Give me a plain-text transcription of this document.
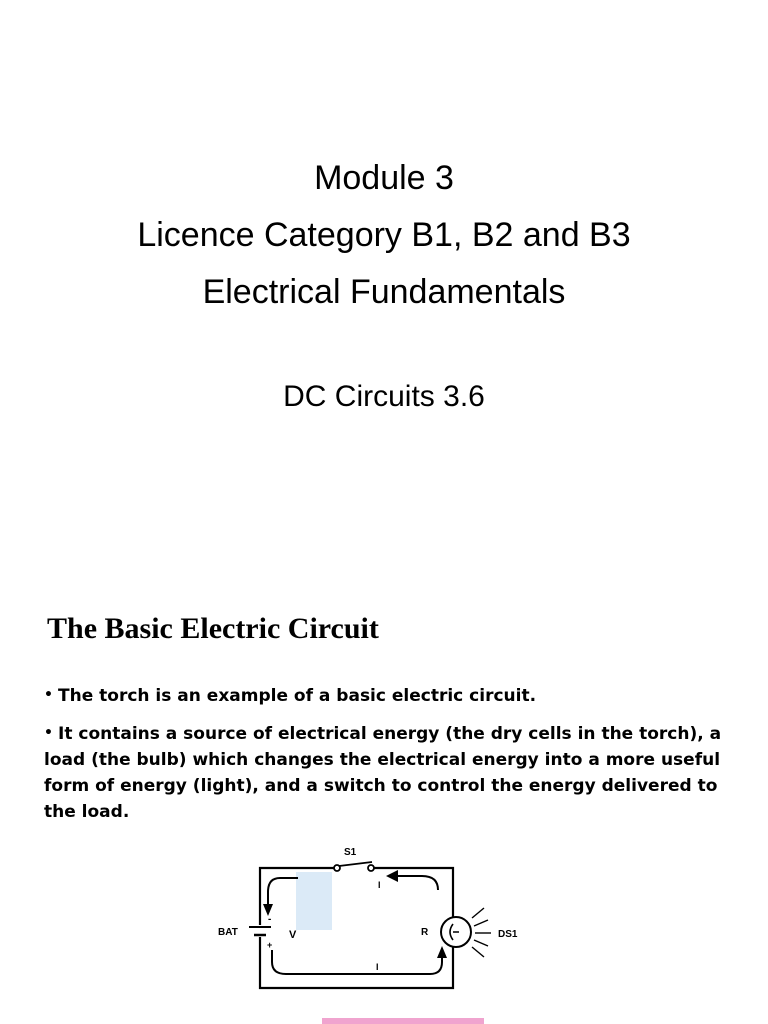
Module 3
Licence Category B1, B2 and B3
Electrical Fundamentals
DC Circuits 3.6
The Basic Electric Circuit
• The torch is an example of a basic electric circuit.
• It contains a source of electrical energy (the dry cells in the torch), a load (the bulb) which changes the electrical energy into a more useful form of energy (light), and a switch to control the energy delivered to the load.
S1
-
+
BAT	V	R	DS1
I
I
